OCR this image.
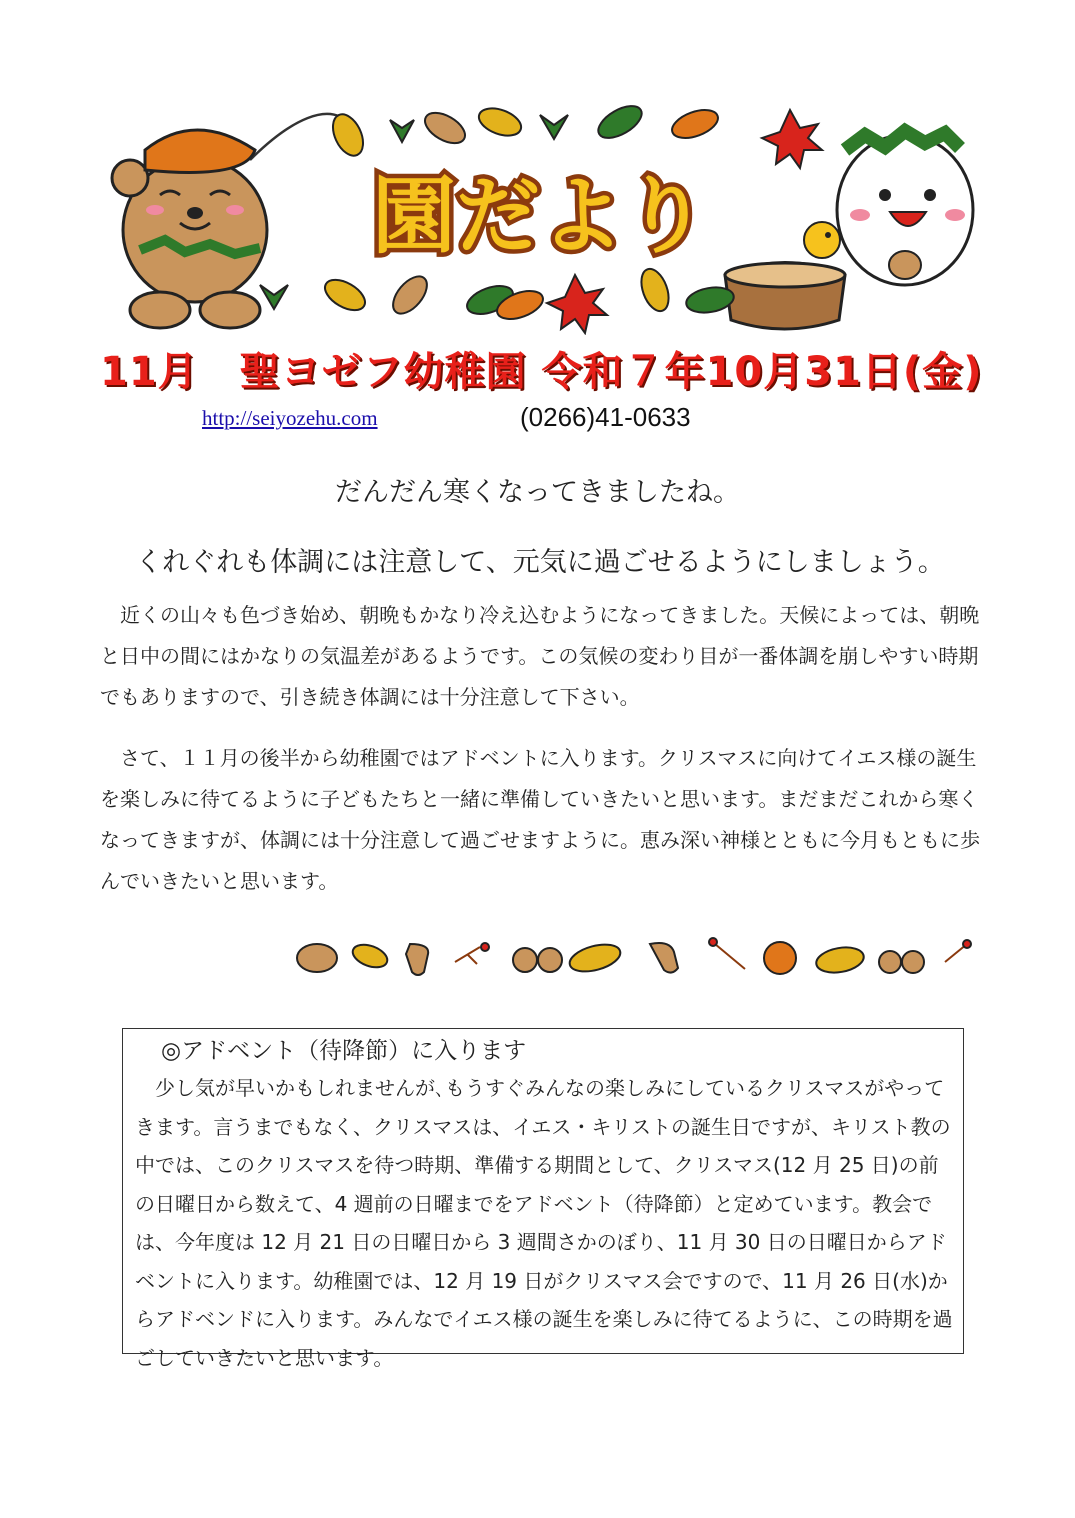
園だより
11月　聖ヨゼフ幼稚園 令和７年10月31日(金)
http://seiyozehu.com	(0266)41-0633
だんだん寒くなってきましたね。
くれぐれも体調には注意して、元気に過ごせるようにしましょう。
近くの山々も色づき始め、朝晩もかなり冷え込むようになってきました。天候によっては、朝晩と日中の間にはかなりの気温差があるようです。この気候の変わり目が一番体調を崩しやすい時期でもありますので、引き続き体調には十分注意して下さい。
さて、１１月の後半から幼稚園ではアドベントに入ります。クリスマスに向けてイエス様の誕生を楽しみに待てるように子どもたちと一緒に準備していきたいと思います。まだまだこれから寒くなってきますが、体調には十分注意して過ごせますように。恵み深い神様とともに今月もともに歩んでいきたいと思います。
◎アドベント（待降節）に入ります
少し気が早いかもしれませんが､もうすぐみんなの楽しみにしているクリスマスがやってきます。言うまでもなく、クリスマスは、イエス・キリストの誕生日ですが、キリスト教の中では、このクリスマスを待つ時期、準備する期間として、クリスマス(12 月 25 日)の前の日曜日から数えて、4 週前の日曜までをアドベント（待降節）と定めています。教会では、今年度は 12 月 21 日の日曜日から 3 週間さかのぼり、11 月 30 日の日曜日からアドベントに入ります。幼稚園では、12 月 19 日がクリスマス会ですので、11 月 26 日(水)からアドベンドに入ります。みんなでイエス様の誕生を楽しみに待てるように、この時期を過ごしていきたいと思います。
